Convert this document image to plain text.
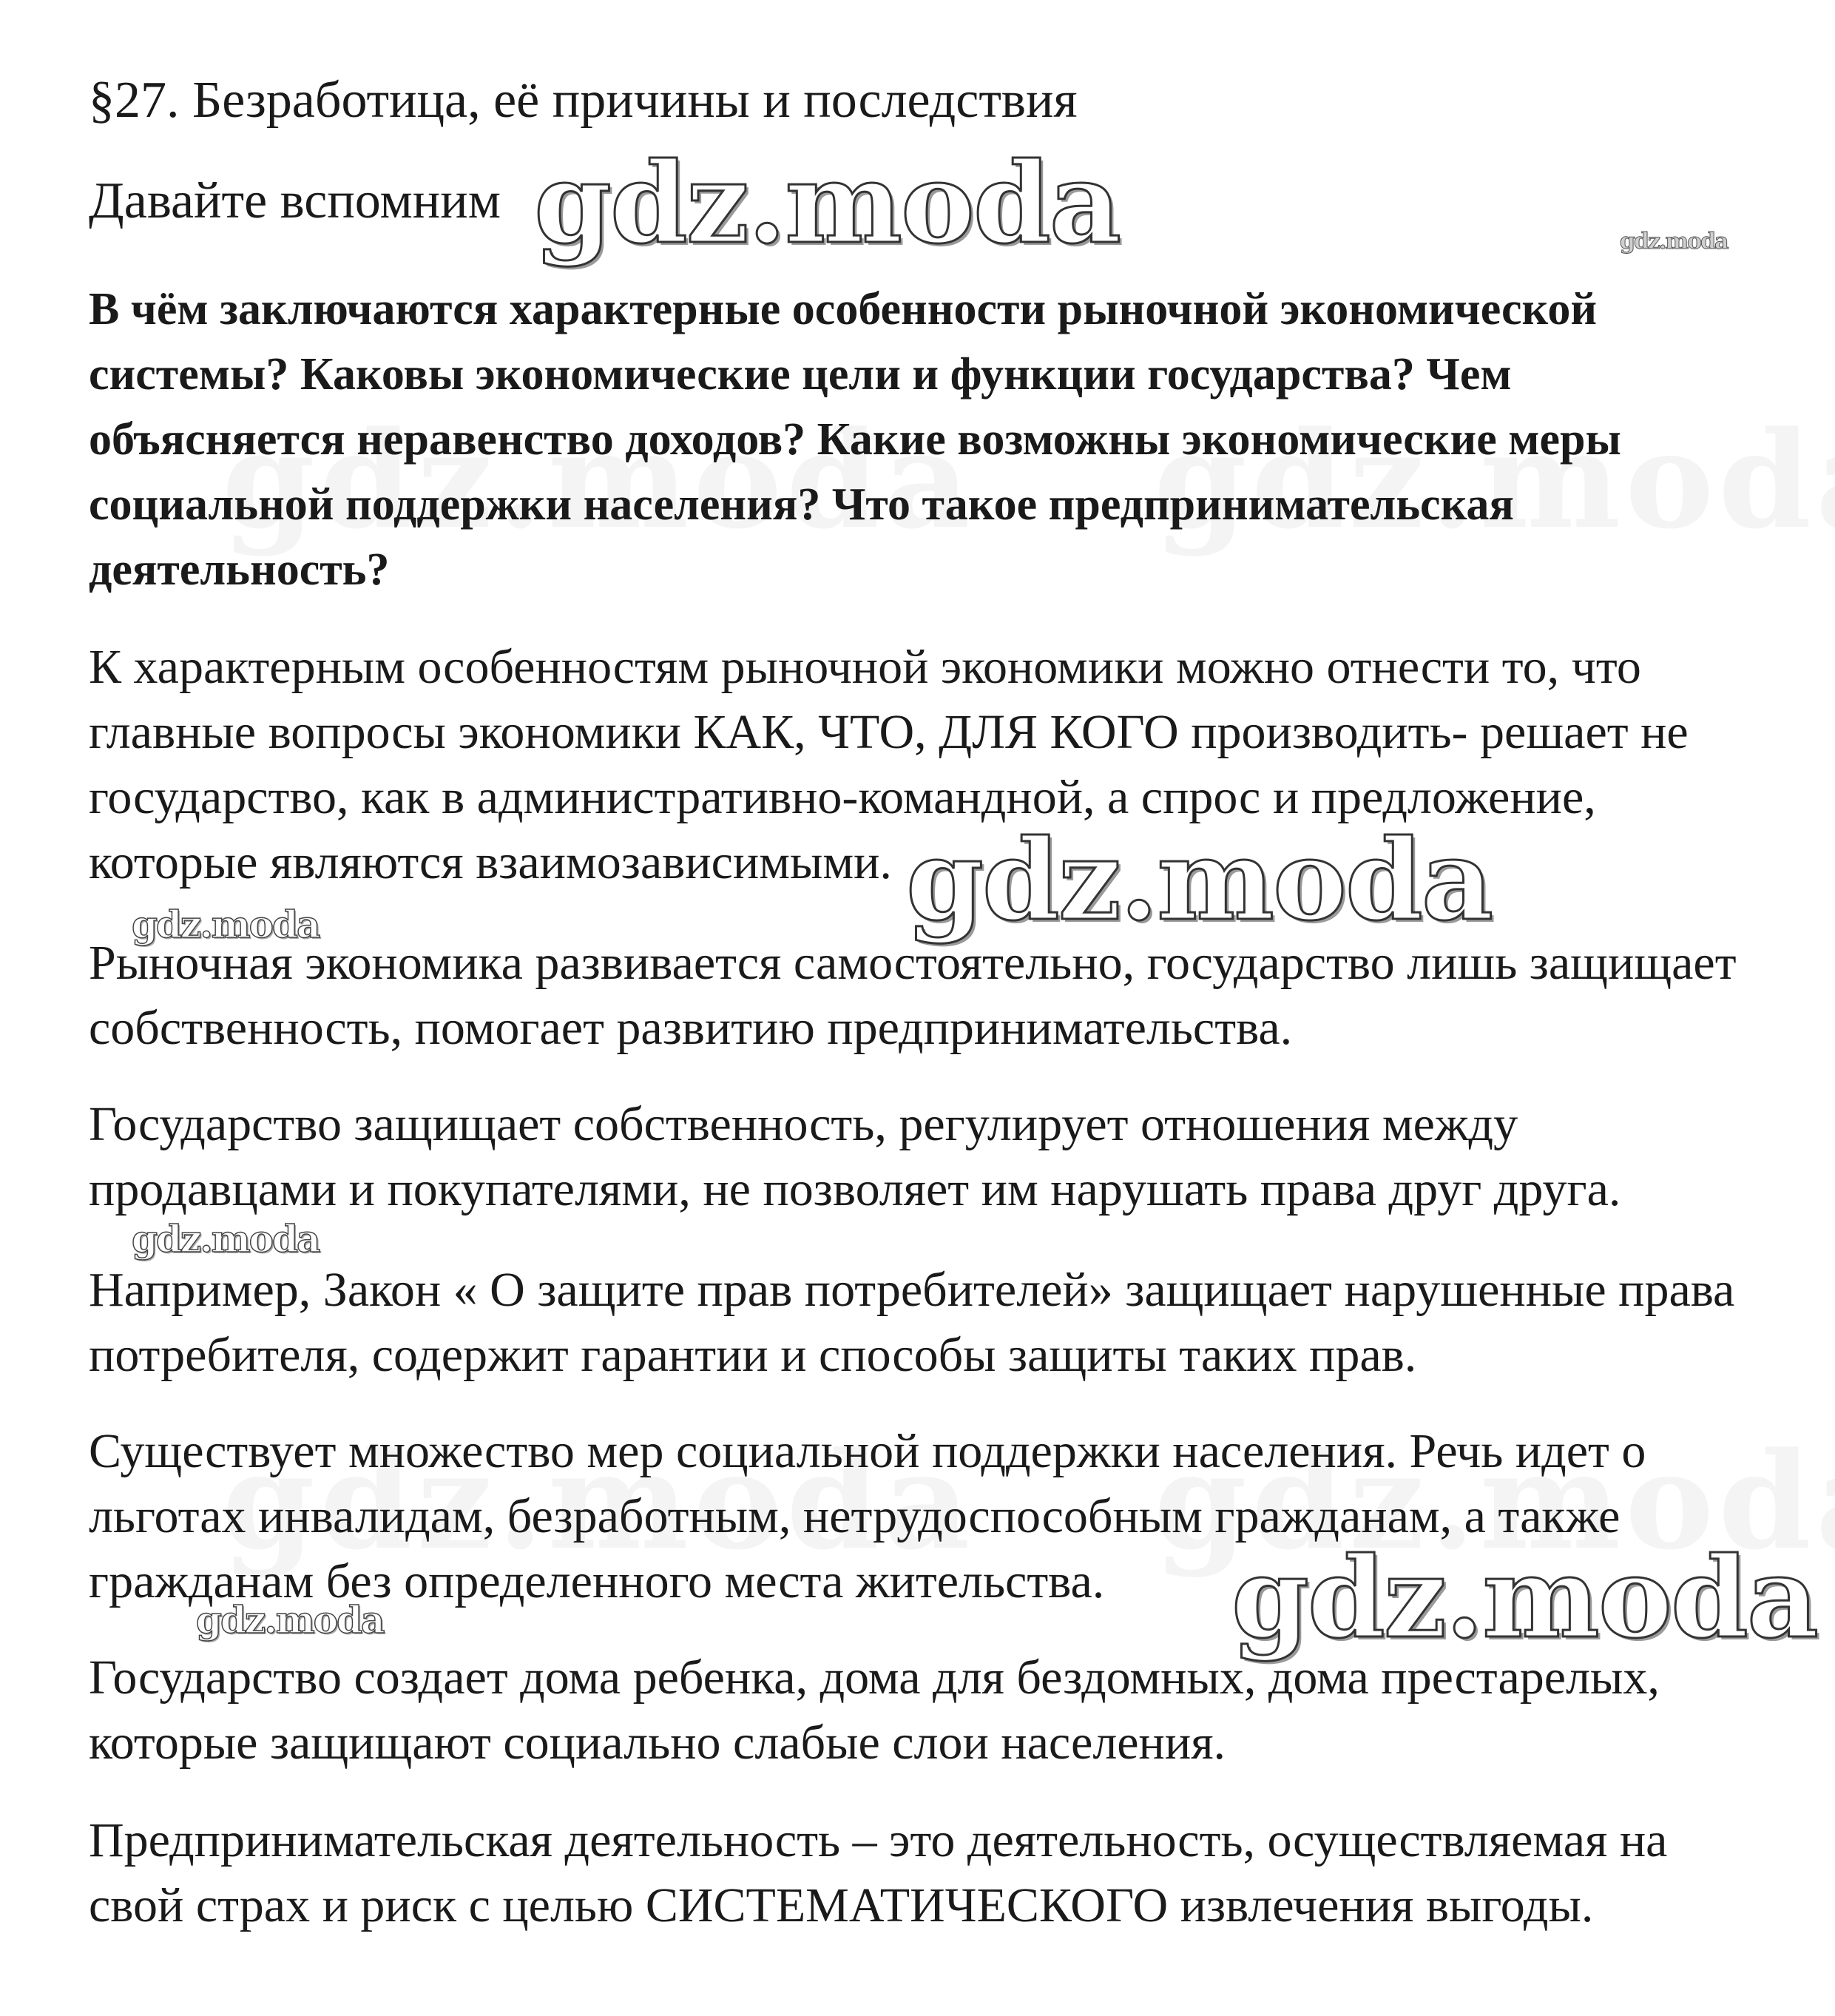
§27. Безработица, её причины и последствия
Давайте вспомним
В чём заключаются характерные особенности рыночной экономической
системы? Каковы экономические цели и функции государства? Чем
объясняется неравенство доходов? Какие возможны экономические меры
социальной поддержки населения? Что такое предпринимательская
деятельность?
К характерным особенностям рыночной экономики можно отнести то, что
главные вопросы экономики КАК, ЧТО, ДЛЯ КОГО производить- решает не
государство, как в административно-командной, а спрос и предложение,
которые являются взаимозависимыми.
Рыночная экономика развивается самостоятельно, государство лишь защищает
собственность, помогает развитию предпринимательства.
Государство защищает собственность, регулирует отношения между
продавцами и покупателями, не позволяет им нарушать права друг друга.
Например, Закон « О защите прав потребителей» защищает нарушенные права
потребителя, содержит гарантии и способы защиты таких прав.
Существует множество мер социальной поддержки населения. Речь идет о
льготах инвалидам, безработным, нетрудоспособным гражданам, а также
гражданам без определенного места жительства.
Государство создает дома ребенка, дома для бездомных, дома престарелых,
которые защищают социально слабые слои населения.
Предпринимательская деятельность – это деятельность, осуществляемая на
свой страх и риск с целью СИСТЕМАТИЧЕСКОГО извлечения выгоды.
gdz.moda	gdz.moda
gdz.moda
gdz.moda
gdz.moda
gdz.moda
gdz.moda
